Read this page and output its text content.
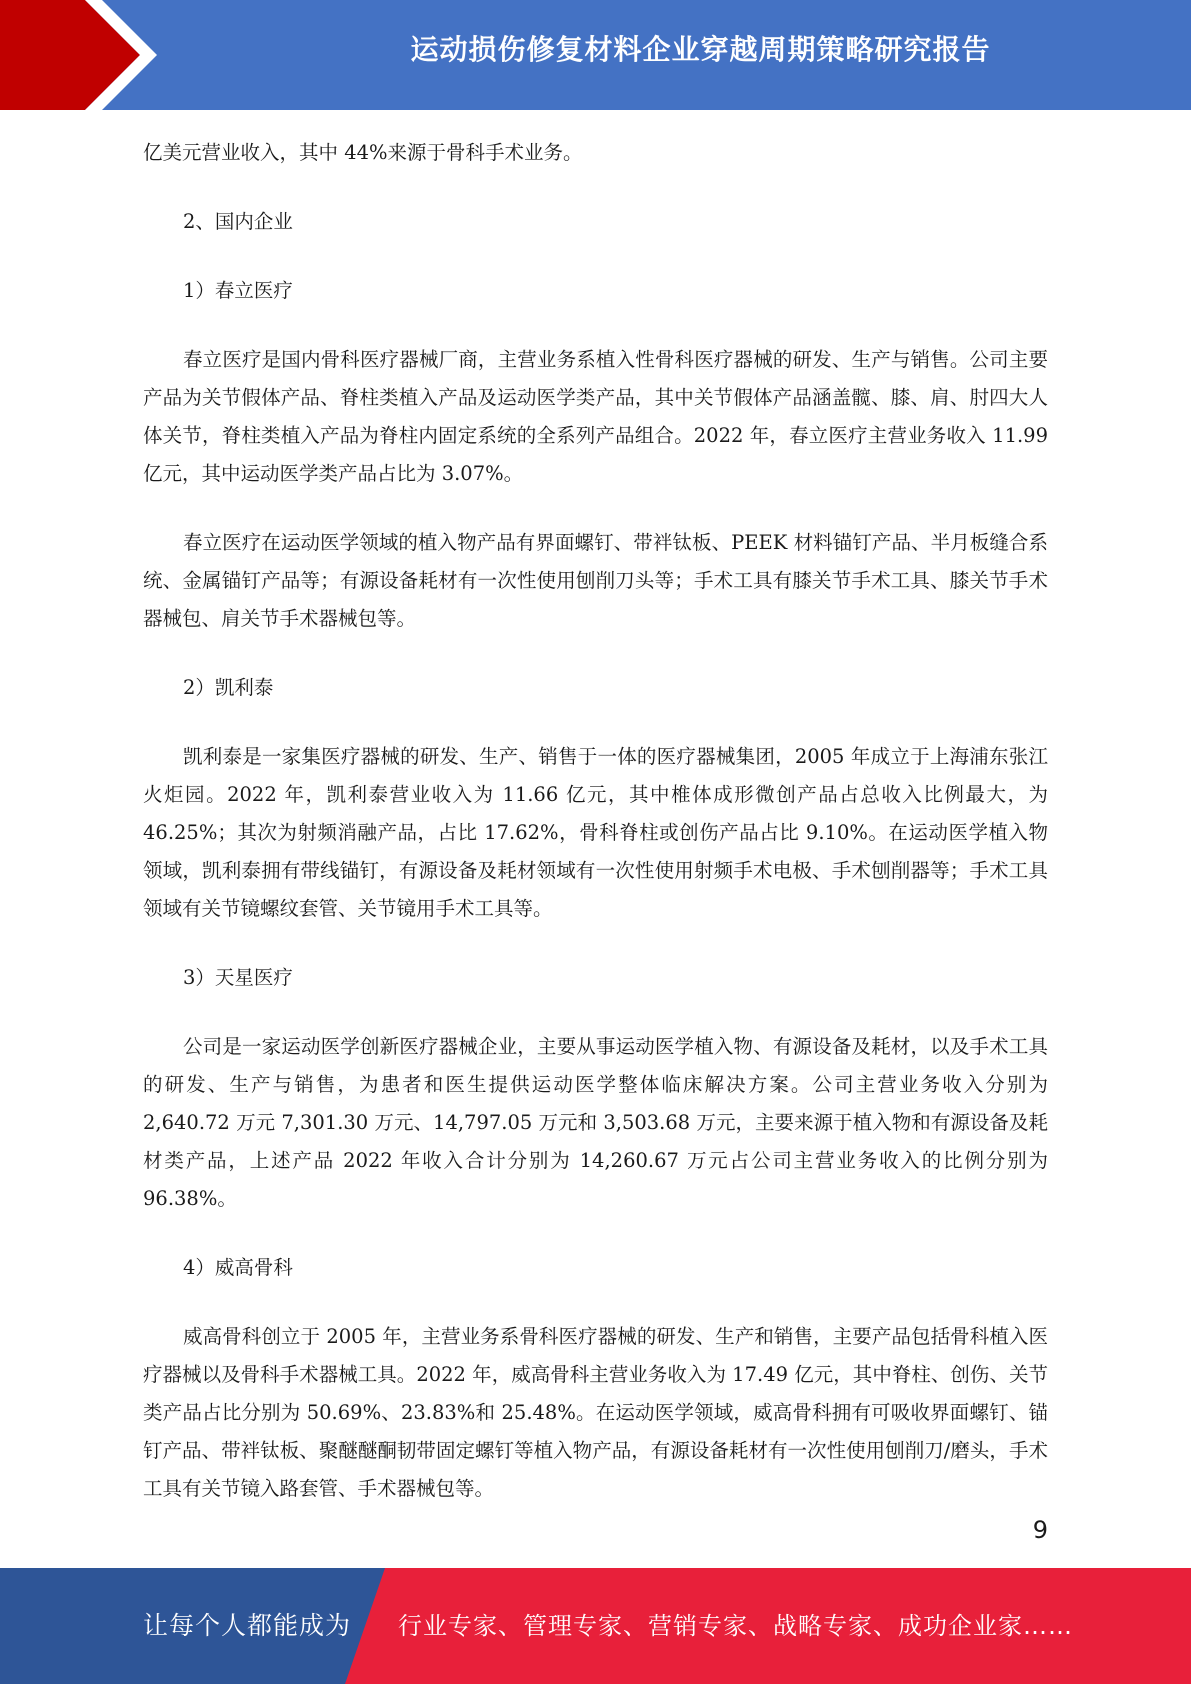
运动损伤修复材料企业穿越周期策略研究报告

亿美元营业收入，其中 44%来源于骨科手术业务。

2、国内企业

1）春立医疗

春立医疗是国内骨科医疗器械厂商，主营业务系植入性骨科医疗器械的研发、生产与销售。公司主要产品为关节假体产品、脊柱类植入产品及运动医学类产品，其中关节假体产品涵盖髋、膝、肩、肘四大人体关节，脊柱类植入产品为脊柱内固定系统的全系列产品组合。2022 年，春立医疗主营业务收入 11.99 亿元，其中运动医学类产品占比为 3.07%。

春立医疗在运动医学领域的植入物产品有界面螺钉、带袢钛板、PEEK 材料锚钉产品、半月板缝合系统、金属锚钉产品等；有源设备耗材有一次性使用刨削刀头等；手术工具有膝关节手术工具、膝关节手术器械包、肩关节手术器械包等。

2）凯利泰

凯利泰是一家集医疗器械的研发、生产、销售于一体的医疗器械集团，2005 年成立于上海浦东张江火炬园。2022 年，凯利泰营业收入为 11.66 亿元，其中椎体成形微创产品占总收入比例最大，为 46.25%；其次为射频消融产品，占比 17.62%，骨科脊柱或创伤产品占比 9.10%。在运动医学植入物领域，凯利泰拥有带线锚钉，有源设备及耗材领域有一次性使用射频手术电极、手术刨削器等；手术工具领域有关节镜螺纹套管、关节镜用手术工具等。

3）天星医疗

公司是一家运动医学创新医疗器械企业，主要从事运动医学植入物、有源设备及耗材，以及手术工具的研发、生产与销售，为患者和医生提供运动医学整体临床解决方案。公司主营业务收入分别为 2,640.72 万元 7,301.30 万元、14,797.05 万元和 3,503.68 万元，主要来源于植入物和有源设备及耗材类产品，上述产品 2022 年收入合计分别为 14,260.67 万元占公司主营业务收入的比例分别为 96.38%。

4）威高骨科

威高骨科创立于 2005 年，主营业务系骨科医疗器械的研发、生产和销售，主要产品包括骨科植入医疗器械以及骨科手术器械工具。2022 年，威高骨科主营业务收入为 17.49 亿元，其中脊柱、创伤、关节类产品占比分别为 50.69%、23.83%和 25.48%。在运动医学领域，威高骨科拥有可吸收界面螺钉、锚钉产品、带袢钛板、聚醚醚酮韧带固定螺钉等植入物产品，有源设备耗材有一次性使用刨削刀/磨头，手术工具有关节镜入路套管、手术器械包等。

9
让每个人都能成为 行业专家、管理专家、营销专家、战略专家、成功企业家……
